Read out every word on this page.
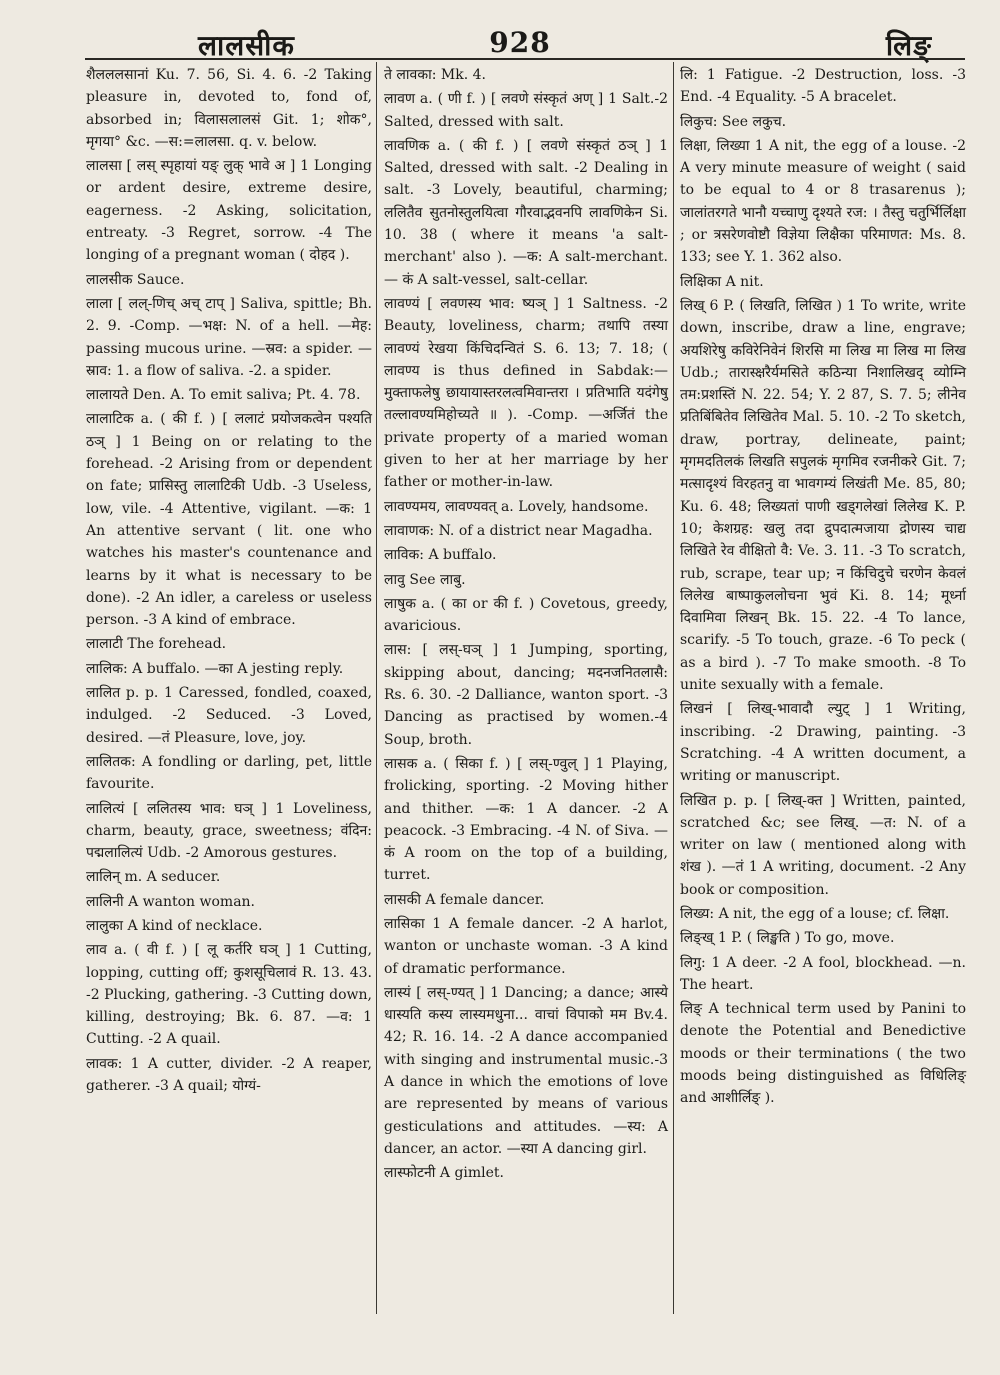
928
लालसीक	लिङ्

शैलललसानां Ku. 7. 56, Si. 4. 6. -2 Taking pleasure in, devoted to, fond of, absorbed in; विलासलालसं Git. 1; शोक°, मृगया° &c. —स:=लालसा. q. v. below.

लालसा [ लस् स्पृहायां यङ् लुक् भावे अ ] 1 Longing or ardent desire, extreme desire, eagerness. -2 Asking, solicitation, entreaty. -3 Regret, sorrow. -4 The longing of a pregnant woman ( दोहद ).

लालसीक Sauce.

लाला [ लल्-णिच् अच् टाप् ] Saliva, spittle; Bh. 2. 9. -Comp. —भक्ष: N. of a hell. —मेह: passing mucous urine. —स्रव: a spider. —स्राव: 1. a flow of saliva. -2. a spider.

लालायते Den. A. To emit saliva; Pt. 4. 78.

लालाटिक a. ( की f. ) [ ललाटं प्रयोजकत्वेन पश्यति ठञ् ] 1 Being on or relating to the forehead. -2 Arising from or dependent on fate; प्रासिस्तु लालाटिकी Udb. -3 Useless, low, vile. -4 Attentive, vigilant. —क: 1 An attentive servant ( lit. one who watches his master's countenance and learns by it what is necessary to be done). -2 An idler, a careless or useless person. -3 A kind of embrace.

लालाटी The forehead.

लालिक: A buffalo. —का A jesting reply.

लालित p. p. 1 Caressed, fondled, coaxed, indulged. -2 Seduced. -3 Loved, desired. —तं Pleasure, love, joy.

लालितक: A fondling or darling, pet, little favourite.

लालित्यं [ ललितस्य भाव: घञ् ] 1 Loveliness, charm, beauty, grace, sweetness; वंदिन: पद्मलालित्यं Udb. -2 Amorous gestures.

लालिन् m. A seducer.

लालिनी A wanton woman.

लालुका A kind of necklace.

लाव a. ( वी f. ) [ लू कर्तरि घञ् ] 1 Cutting, lopping, cutting off; कुशसूचिलावं R. 13. 43. -2 Plucking, gathering. -3 Cutting down, killing, destroying; Bk. 6. 87. —व: 1 Cutting. -2 A quail.

लावक: 1 A cutter, divider. -2 A reaper, gatherer. -3 A quail; योग्यं-

ते लावका: Mk. 4.

लावण a. ( णी f. ) [ लवणे संस्कृतं अण् ] 1 Salt.-2 Salted, dressed with salt.

लावणिक a. ( की f. ) [ लवणे संस्कृतं ठञ् ] 1 Salted, dressed with salt. -2 Dealing in salt. -3 Lovely, beautiful, charming; ललितैव सुतनोस्तुलयित्वा गौरवाद्भवनपि लावणिकेन Si. 10. 38 ( where it means 'a salt-merchant' also ). —क: A salt-merchant. — कं A salt-vessel, salt-cellar.

लावण्यं [ लवणस्य भाव: ष्यञ् ] 1 Saltness. -2 Beauty, loveliness, charm; तथापि तस्या लावण्यं रेखया किंचिदन्वितं S. 6. 13; 7. 18; ( लावण्य is thus defined in Sabdak:—मुक्ताफलेषु छायायास्तरलत्वमिवान्तरा । प्रतिभाति यदंगेषु तल्लावण्यमिहोच्यते ॥ ). -Comp. —अर्जितं the private property of a maried woman given to her at her marriage by her father or mother-in-law.

लावण्यमय, लावण्यवत् a. Lovely, handsome.

लावाणक: N. of a district near Magadha.

लाविक: A buffalo.

लावु See लाबु.

लाषुक a. ( का or की f. ) Covetous, greedy, avaricious.

लास: [ लस्-घञ् ] 1 Jumping, sporting, skipping about, dancing; मदनजनितलासै: Rs. 6. 30. -2 Dalliance, wanton sport. -3 Dancing as practised by women.-4 Soup, broth.

लासक a. ( सिका f. ) [ लस्-ण्वुल् ] 1 Playing, frolicking, sporting. -2 Moving hither and thither. —क: 1 A dancer. -2 A peacock. -3 Embracing. -4 N. of Siva. —कं A room on the top of a building, turret.

लासकी A female dancer.

लासिका 1 A female dancer. -2 A harlot, wanton or unchaste woman. -3 A kind of dramatic performance.

लास्यं [ लस्-ण्यत् ] 1 Dancing; a dance; आस्ये धास्यति कस्य लास्यमधुना... वाचां विपाको मम Bv.4. 42; R. 16. 14. -2 A dance accompanied with singing and instrumental music.-3 A dance in which the emotions of love are represented by means of various gesticulations and attitudes. —स्य: A dancer, an actor. —स्या A dancing girl.

लास्फोटनी A gimlet.

लि: 1 Fatigue. -2 Destruction, loss. -3 End. -4 Equality. -5 A bracelet.

लिकुच: See लकुच.

लिक्षा, लिख्या 1 A nit, the egg of a louse. -2 A very minute measure of weight ( said to be equal to 4 or 8 trasarenus ); जालांतरगते भानौ यच्चाणु दृश्यते रज: । तैस्तु चतुर्भिर्लिक्षा ; or त्रसरेणवोष्टौ विज्ञेया लिक्षैका परिमाणत: Ms. 8. 133; see Y. 1. 362 also.

लिक्षिका A nit.

लिख् 6 P. ( लिखति, लिखित ) 1 To write, write down, inscribe, draw a line, engrave; अयशिरेषु कविरेनिवेनं शिरसि मा लिख मा लिख मा लिख Udb.; तारास्क्षरैर्यमसिते कठिन्या निशालिखद् व्योम्नि तम:प्रशस्तिं N. 22. 54; Y. 2 87, S. 7. 5; लीनेव प्रतिबिंबितेव लिखितेव Mal. 5. 10. -2 To sketch, draw, portray, delineate, paint; मृगमदतिलकं लिखति सपुलकं मृगमिव रजनीकरे Git. 7; मत्सादृश्यं विरहतनु वा भावगम्यं लिखंती Me. 85, 80; Ku. 6. 48; लिख्यतां पाणी खड्गलेखां लिलेख K. P. 10; केशग्रह: खलु तदा द्रुपदात्मजाया द्रोणस्य चाद्य लिखिते रेव वीक्षितो वै: Ve. 3. 11. -3 To scratch, rub, scrape, tear up; न किंचिदुचे चरणेन केवलं लिलेख बाष्पाकुललोचना भुवं Ki. 8. 14; मूर्ध्ना दिवामिवा लिखन् Bk. 15. 22. -4 To lance, scarify. -5 To touch, graze. -6 To peck ( as a bird ). -7 To make smooth. -8 To unite sexually with a female.

लिखनं [ लिख्-भावादौ ल्युट् ] 1 Writing, inscribing. -2 Drawing, painting. -3 Scratching. -4 A written document, a writing or manuscript.

लिखित p. p. [ लिख्-क्त ] Written, painted, scratched &c; see लिख्. —त: N. of a writer on law ( mentioned along with शंख ). —तं 1 A writing, document. -2 Any book or composition.

लिख्य: A nit, the egg of a louse; cf. लिक्षा.

लिङ्ख् 1 P. ( लिङ्खति ) To go, move.

लिगु: 1 A deer. -2 A fool, blockhead. —n. The heart.

लिङ् A technical term used by Panini to denote the Potential and Benedictive moods or their terminations ( the two moods being distinguished as विधिलिङ् and आशीर्लिङ् ).
